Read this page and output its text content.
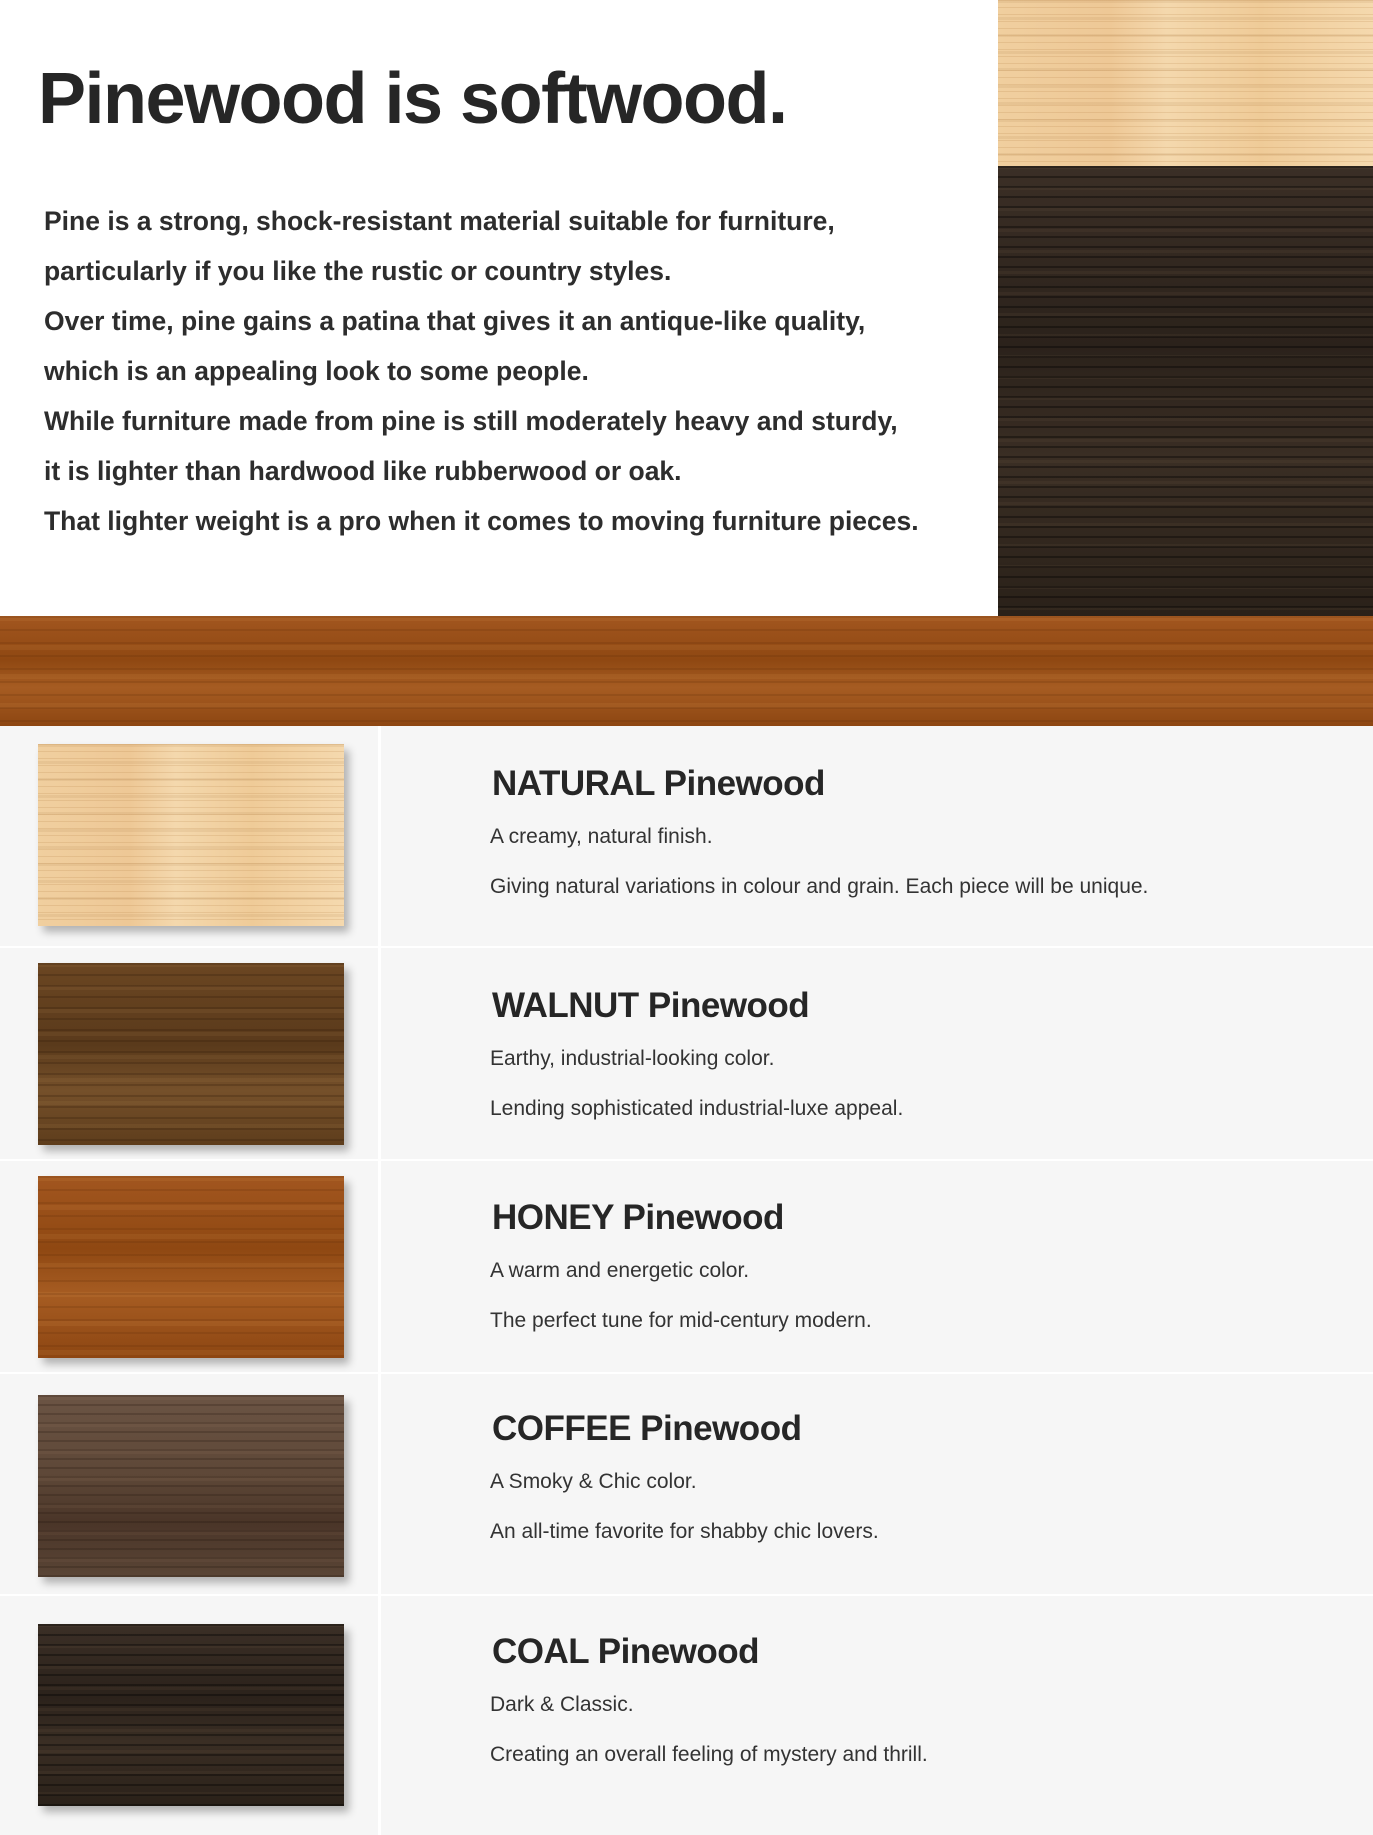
Pinewood is softwood.
Pine is a strong, shock-resistant material suitable for furniture,
particularly if you like the rustic or country styles.
Over time, pine gains a patina that gives it an antique-like quality,
which is an appealing look to some people.
While furniture made from pine is still moderately heavy and sturdy,
it is lighter than hardwood like rubberwood or oak.
That lighter weight is a pro when it comes to moving furniture pieces.
NATURAL Pinewood

A creamy, natural finish.

Giving natural variations in colour and grain. Each piece will be unique.

WALNUT Pinewood

Earthy, industrial-looking color.

Lending sophisticated industrial-luxe appeal.

HONEY Pinewood

A warm and energetic color.

The perfect tune for mid-century modern.

COFFEE Pinewood

A Smoky & Chic color.

An all-time favorite for shabby chic lovers.

COAL Pinewood

Dark & Classic.

Creating an overall feeling of mystery and thrill.
